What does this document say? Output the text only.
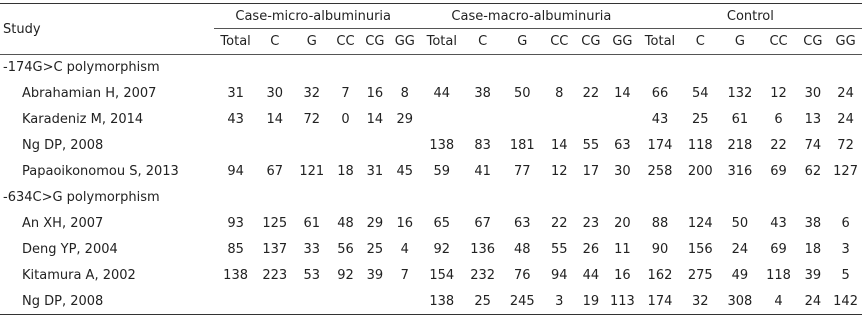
Study	Case-micro-albuminuria						Case-macro-albuminuria						Control					
	Total	C	G	CC	CG	GG	Total	C	G	CC	CG	GG	Total	C	G	CC	CG	GG
-174G>C polymorphism																		
Abrahamian H, 2007	31	30	32	7	16	8	44	38	50	8	22	14	66	54	132	12	30	24
Karadeniz M, 2014	43	14	72	0	14	29							43	25	61	6	13	24
Ng DP, 2008							138	83	181	14	55	63	174	118	218	22	74	72
Papaoikonomou S, 2013	94	67	121	18	31	45	59	41	77	12	17	30	258	200	316	69	62	127
-634C>G polymorphism																		
An XH, 2007	93	125	61	48	29	16	65	67	63	22	23	20	88	124	50	43	38	6
Deng YP, 2004	85	137	33	56	25	4	92	136	48	55	26	11	90	156	24	69	18	3
Kitamura A, 2002	138	223	53	92	39	7	154	232	76	94	44	16	162	275	49	118	39	5
Ng DP, 2008							138	25	245	3	19	113	174	32	308	4	24	142
